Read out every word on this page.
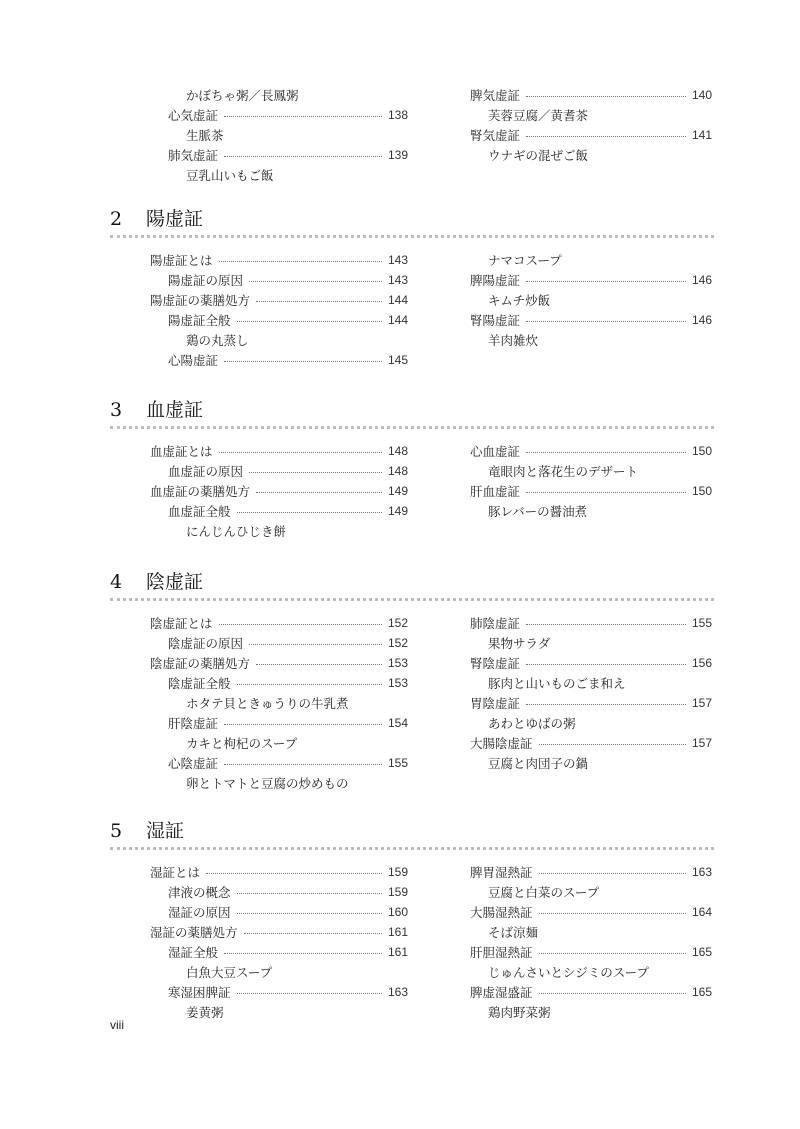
2	陽虚証
陽虚証とは	143
陽虚証の原因	143
陽虚証の薬膳処方	144
陽虚証全般	144
鶏の丸蒸し
心陽虚証	145
ナマコスープ
脾陽虚証	146
キムチ炒飯
腎陽虚証	146
羊肉雑炊
3	血虚証
血虚証とは	148
血虚証の原因	148
血虚証の薬膳処方	149
血虚証全般	149
にんじんひじき餅
心血虚証	150
竜眼肉と落花生のデザート
肝血虚証	150
豚レバーの醤油煮
4	陰虚証
陰虚証とは	152
陰虚証の原因	152
陰虚証の薬膳処方	153
陰虚証全般	153
ホタテ貝ときゅうりの牛乳煮
肝陰虚証	154
カキと枸杞のスープ
心陰虚証	155
卵とトマトと豆腐の炒めもの
肺陰虚証	155
果物サラダ
腎陰虚証	156
豚肉と山いものごま和え
胃陰虚証	157
あわとゆばの粥
大腸陰虚証	157
豆腐と肉団子の鍋
5	湿証
湿証とは	159
津液の概念	159
湿証の原因	160
湿証の薬膳処方	161
湿証全般	161
白魚大豆スープ
寒湿困脾証	163
姜黄粥
脾胃湿熱証	163
豆腐と白菜のスープ
大腸湿熱証	164
そば涼麺
肝胆湿熱証	165
じゅんさいとシジミのスープ
脾虚湿盛証	165
鶏肉野菜粥
viii
かぼちゃ粥／長鳳粥
心気虚証	138
生脈茶
肺気虚証	139
豆乳山いもご飯
脾気虚証	140
芙蓉豆腐／黄耆茶
腎気虚証	141
ウナギの混ぜご飯
